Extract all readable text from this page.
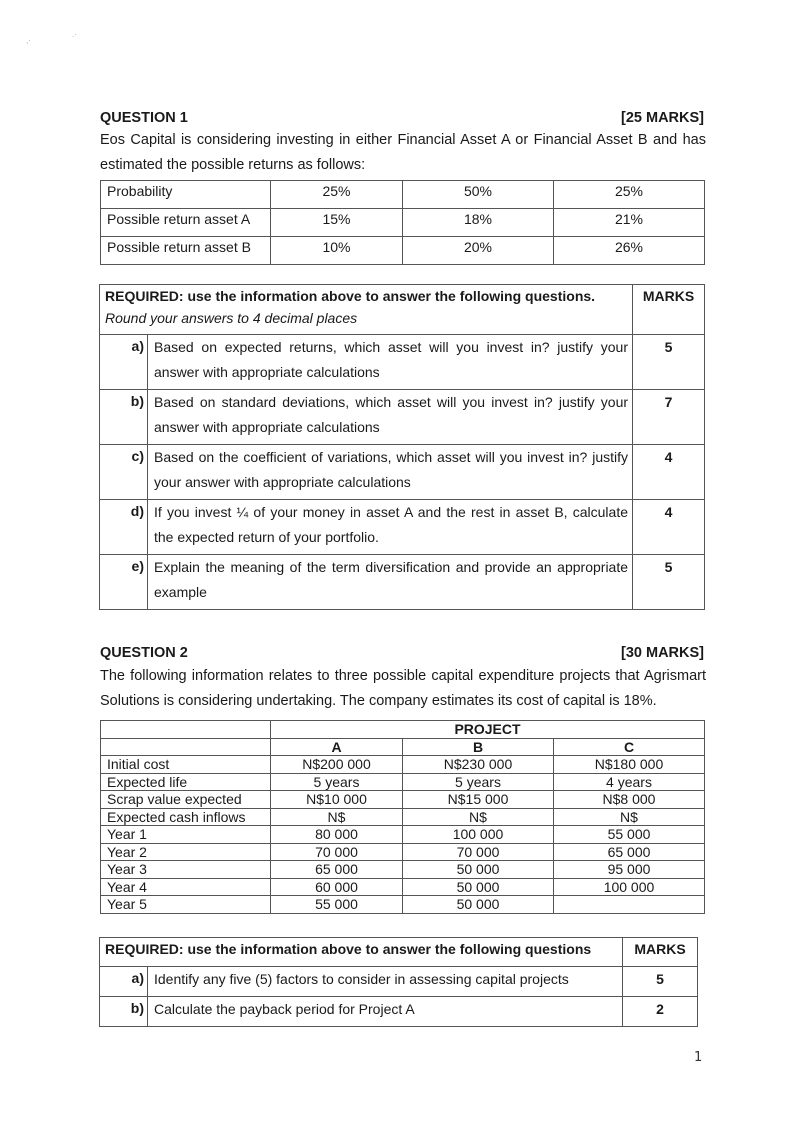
,·
.·
QUESTION 1	[25 MARKS]
Eos Capital is considering investing in either Financial Asset A or Financial Asset B and has estimated the possible returns as follows:
Probability	25%	50%	25%
Possible return asset A	15%	18%	21%
Possible return asset B	10%	20%	26%
REQUIRED: use the information above to answer the following questions.
Round your answers to 4 decimal places		MARKS
a)	Based on expected returns, which asset will you invest in? justify your answer with appropriate calculations	5
b)	Based on standard deviations, which asset will you invest in? justify your answer with appropriate calculations	7
c)	Based on the coefficient of variations, which asset will you invest in? justify your answer with appropriate calculations	4
d)	If you invest ¼ of your money in asset A and the rest in asset B, calculate the expected return of your portfolio.	4
e)	Explain the meaning of the term diversification and provide an appropriate example	5
QUESTION 2	[30 MARKS]
The following information relates to three possible capital expenditure projects that Agrismart Solutions is considering undertaking. The company estimates its cost of capital is 18%.
	PROJECT		
	A	B	C
Initial cost	N$200 000	N$230 000	N$180 000
Expected life	5 years	5 years	4 years
Scrap value expected	N$10 000	N$15 000	N$8 000
Expected cash inflows	N$	N$	N$
Year 1	80 000	100 000	55 000
Year 2	70 000	70 000	65 000
Year 3	65 000	50 000	95 000
Year 4	60 000	50 000	100 000
Year 5	55 000	50 000	
REQUIRED: use the information above to answer the following questions		MARKS
a)	Identify any five (5) factors to consider in assessing capital projects	5
b)	Calculate the payback period for Project A	2
1
